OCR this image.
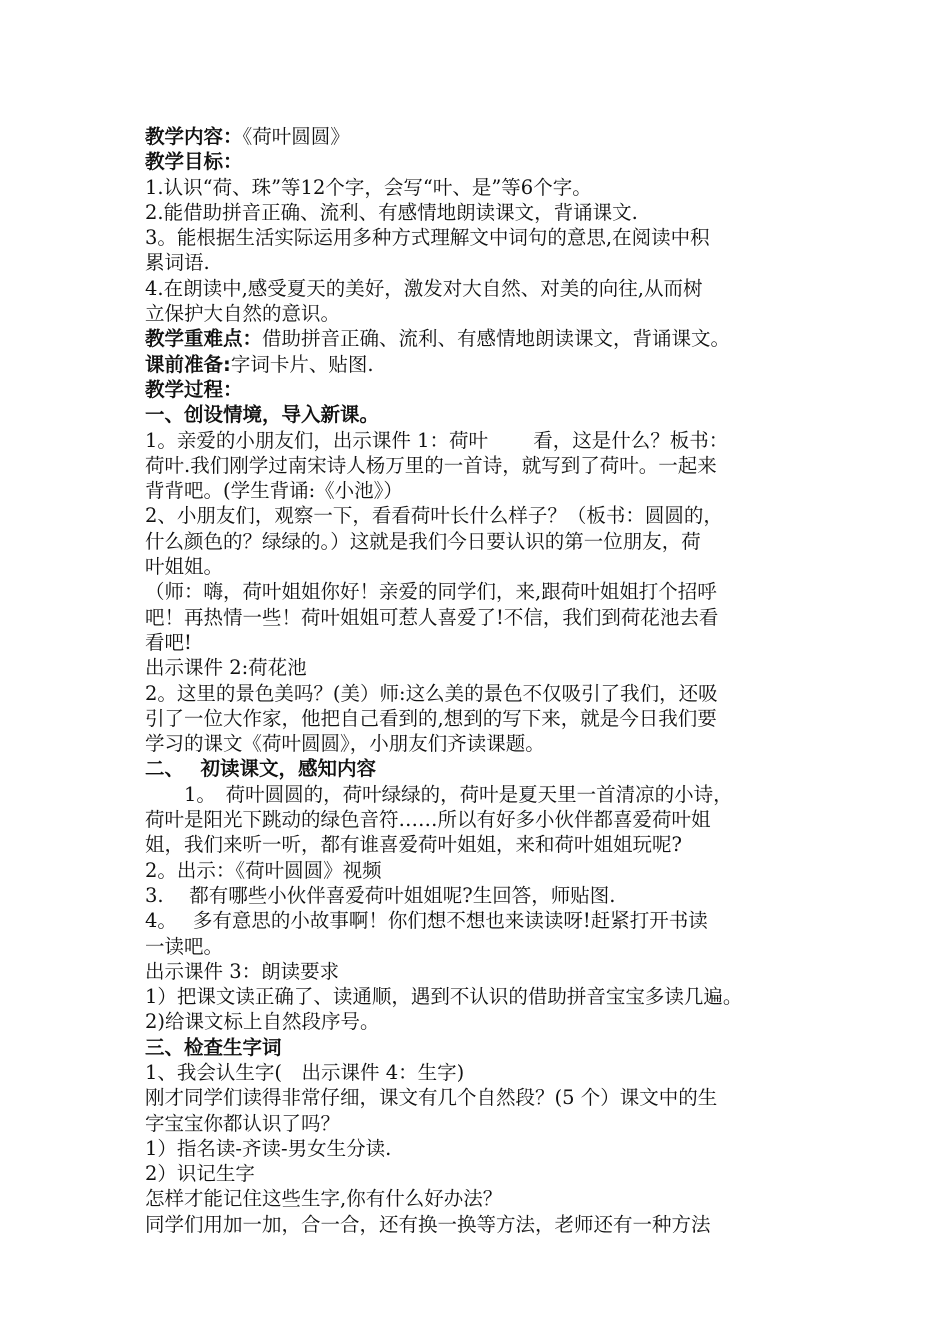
教学内容：《荷叶圆圆》

教学目标：

1.认识“荷、珠”等12个字，会写“叶、是”等6个字。

2.能借助拼音正确、流利、有感情地朗读课文，背诵课文.

3。能根据生活实际运用多种方式理解文中词句的意思,在阅读中积

累词语.

4.在朗读中,感受夏天的美好，激发对大自然、对美的向往,从而树

立保护大自然的意识。

教学重难点：借助拼音正确、流利、有感情地朗读课文，背诵课文。

课前准备:字词卡片、贴图.

教学过程：

一、创设情境，导入新课。

1。亲爱的小朋友们，出示课件 1：荷叶　　 看，这是什么？板书：

荷叶.我们刚学过南宋诗人杨万里的一首诗，就写到了荷叶。一起来

背背吧。(学生背诵:《小池》）

2、小朋友们，观察一下，看看荷叶长什么样子？（板书：圆圆的，

什么颜色的？绿绿的。）这就是我们今日要认识的第一位朋友，荷

叶姐姐。

（师：嗨，荷叶姐姐你好！亲爱的同学们，来,跟荷叶姐姐打个招呼

吧！再热情一些！荷叶姐姐可惹人喜爱了!不信，我们到荷花池去看

看吧!

出示课件 2:荷花池

2。这里的景色美吗？(美）师:这么美的景色不仅吸引了我们，还吸

引了一位大作家，他把自己看到的,想到的写下来，就是今日我们要

学习的课文《荷叶圆圆》，小朋友们齐读课题。

二、　 初读课文，感知内容

　　1。　荷叶圆圆的，荷叶绿绿的，荷叶是夏天里一首清凉的小诗，

荷叶是阳光下跳动的绿色音符……所以有好多小伙伴都喜爱荷叶姐

姐，我们来听一听，都有谁喜爱荷叶姐姐，来和荷叶姐姐玩呢?

2。出示：《荷叶圆圆》视频

3.　 都有哪些小伙伴喜爱荷叶姐姐呢?生回答，师贴图.

4。　 多有意思的小故事啊！你们想不想也来读读呀!赶紧打开书读

一读吧。

出示课件 3：朗读要求

1）把课文读正确了、读通顺，遇到不认识的借助拼音宝宝多读几遍。

2)给课文标上自然段序号。

三、检查生字词

1、我会认生字(　出示课件 4：生字)

刚才同学们读得非常仔细，课文有几个自然段？(5 个）课文中的生

字宝宝你都认识了吗？

1）指名读-齐读-男女生分读.

2）识记生字

怎样才能记住这些生字,你有什么好办法？

同学们用加一加，合一合，还有换一换等方法，老师还有一种方法
